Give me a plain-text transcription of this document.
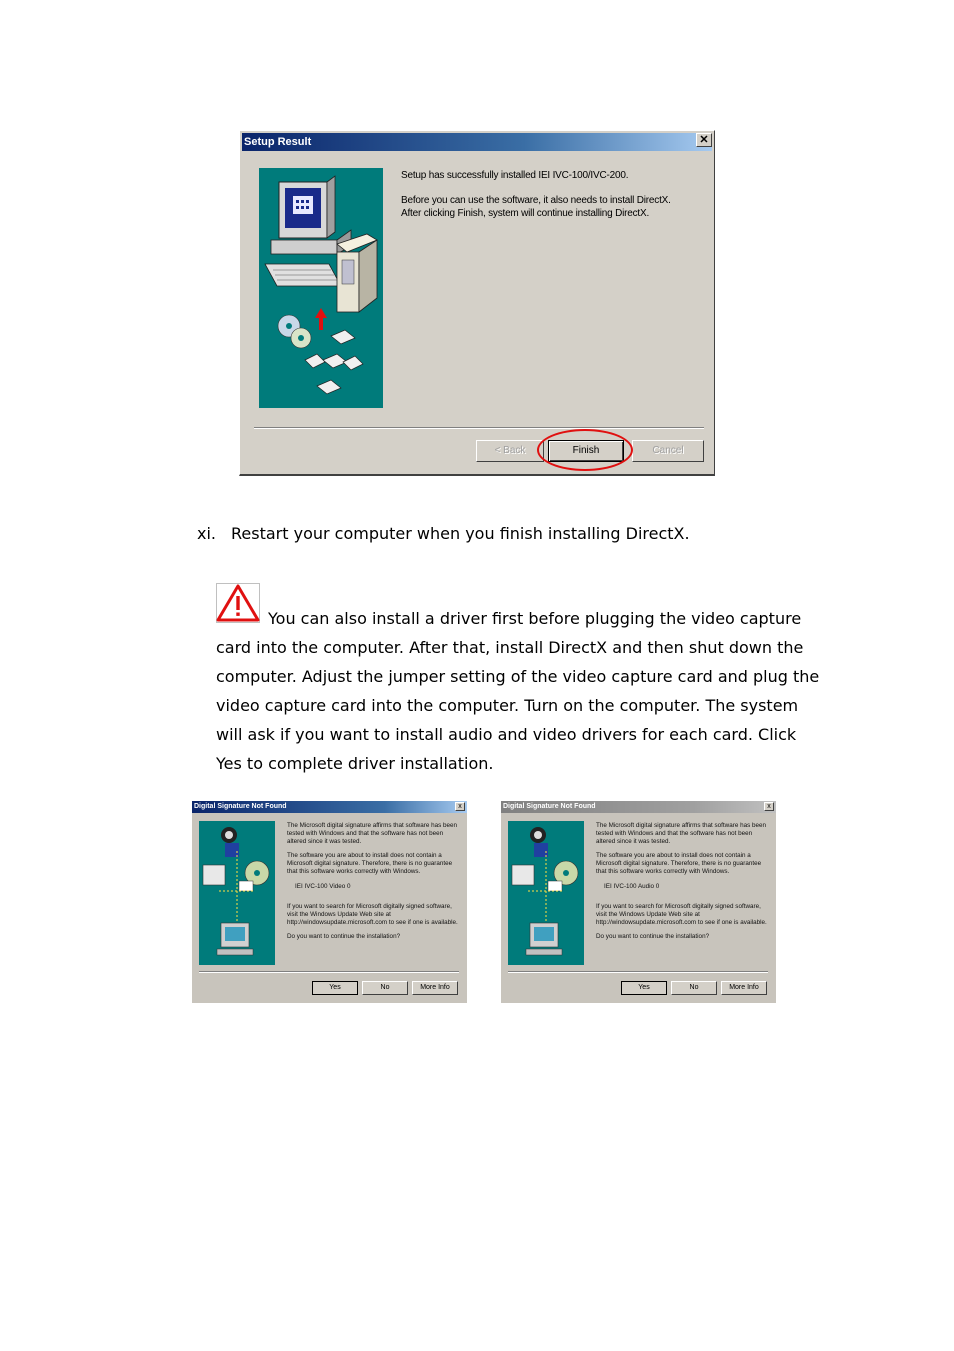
Setup Result	✕

Setup has successfully installed IEI IVC-100/IVC-200.

Before you can use the software, it also needs to install DirectX.

After clicking Finish, system will continue installing DirectX.

< Back	Finish	Cancel
xi. Restart your computer when you finish installing DirectX.
You can also install a driver first before plugging the video capture card into the computer. After that, install DirectX and then shut down the computer. Adjust the jumper setting of the video capture card and plug the video capture card into the computer. Turn on the computer. The system will ask if you want to install audio and video drivers for each card. Click Yes to complete driver installation.
Digital Signature Not Found	x

The Microsoft digital signature affirms that software has been tested with Windows and that the software has not been altered since it was tested.

The software you are about to install does not contain a Microsoft digital signature. Therefore, there is no guarantee that this software works correctly with Windows.

IEI IVC-100 Video 0

If you want to search for Microsoft digitally signed software, visit the Windows Update Web site at http://windowsupdate.microsoft.com to see if one is available.

Do you want to continue the installation?

Yes	No	More Info
Digital Signature Not Found	x

The Microsoft digital signature affirms that software has been tested with Windows and that the software has not been altered since it was tested.

The software you are about to install does not contain a Microsoft digital signature. Therefore, there is no guarantee that this software works correctly with Windows.

IEI IVC-100 Audio 0

If you want to search for Microsoft digitally signed software, visit the Windows Update Web site at http://windowsupdate.microsoft.com to see if one is available.

Do you want to continue the installation?

Yes	No	More Info
